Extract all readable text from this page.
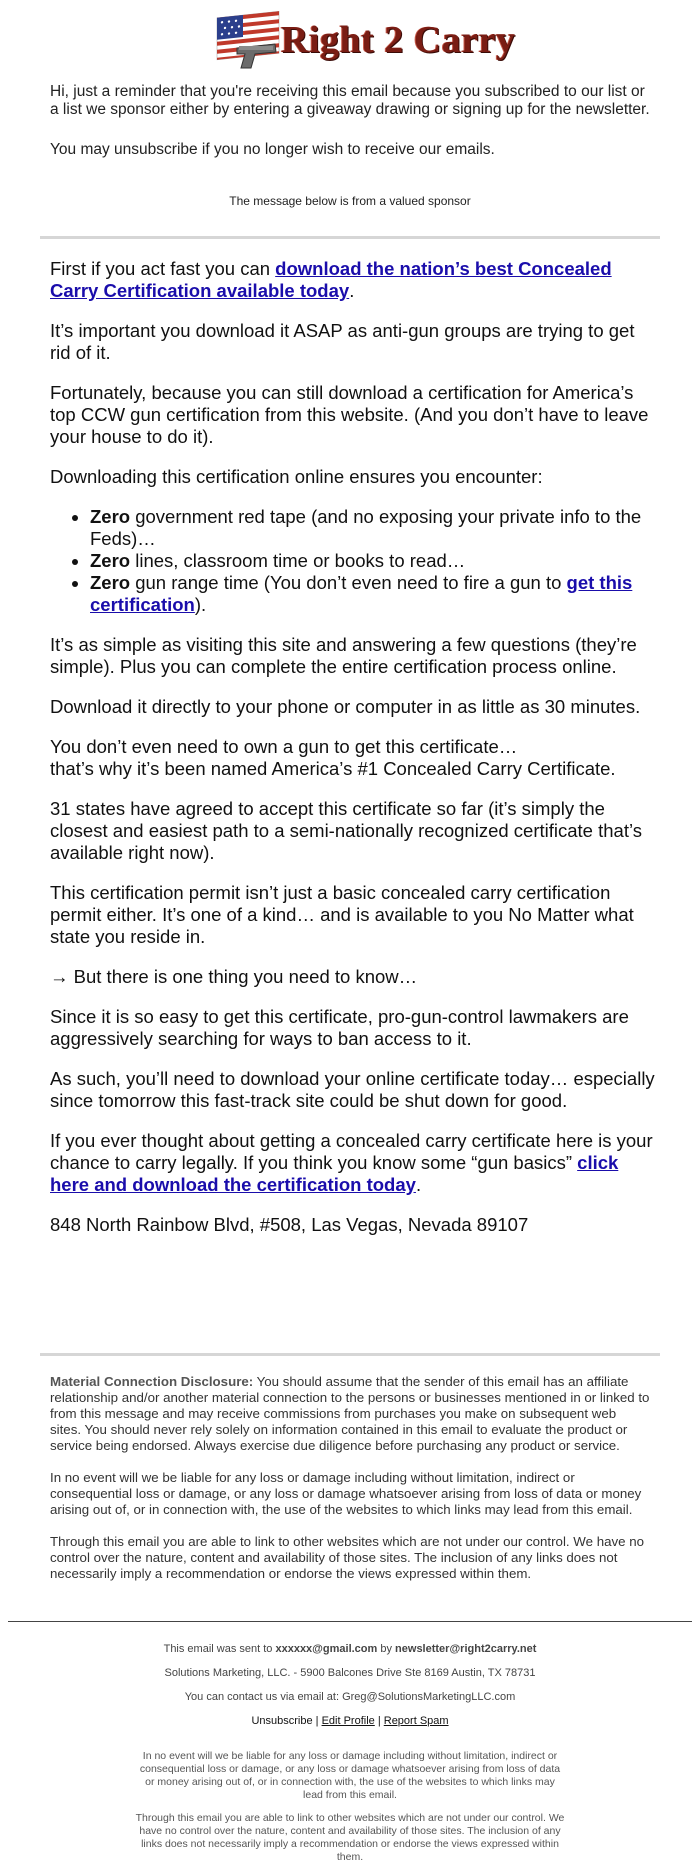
Right 2 Carry

Hi, just a reminder that you're receiving this email because you subscribed to our list or a list we sponsor either by entering a giveaway drawing or signing up for the newsletter.

You may unsubscribe if you no longer wish to receive our emails.

The message below is from a valued sponsor

First if you act fast you can download the nation’s best Concealed Carry Certification available today.

It’s important you download it ASAP as anti-gun groups are trying to get rid of it.

Fortunately, because you can still download a certification for America’s top CCW gun certification from this website. (And you don’t have to leave your house to do it).

Downloading this certification online ensures you encounter:

• Zero government red tape (and no exposing your private info to the Feds)…
• Zero lines, classroom time or books to read…
• Zero gun range time (You don’t even need to fire a gun to get this certification).

It’s as simple as visiting this site and answering a few questions (they’re simple). Plus you can complete the entire certification process online.

Download it directly to your phone or computer in as little as 30 minutes.

You don’t even need to own a gun to get this certificate…
that’s why it’s been named America’s #1 Concealed Carry Certificate.

31 states have agreed to accept this certificate so far (it’s simply the closest and easiest path to a semi-nationally recognized certificate that’s available right now).

This certification permit isn’t just a basic concealed carry certification permit either. It’s one of a kind… and is available to you No Matter what state you reside in.

→ But there is one thing you need to know…

Since it is so easy to get this certificate, pro-gun-control lawmakers are aggressively searching for ways to ban access to it.

As such, you’ll need to download your online certificate today… especially since tomorrow this fast-track site could be shut down for good.

If you ever thought about getting a concealed carry certificate here is your chance to carry legally. If you think you know some “gun basics” click here and download the certification today.

848 North Rainbow Blvd, #508, Las Vegas, Nevada 89107

Material Connection Disclosure: You should assume that the sender of this email has an affiliate relationship and/or another material connection to the persons or businesses mentioned in or linked to from this message and may receive commissions from purchases you make on subsequent web sites. You should never rely solely on information contained in this email to evaluate the product or service being endorsed. Always exercise due diligence before purchasing any product or service.

In no event will we be liable for any loss or damage including without limitation, indirect or consequential loss or damage, or any loss or damage whatsoever arising from loss of data or money arising out of, or in connection with, the use of the websites to which links may lead from this email.

Through this email you are able to link to other websites which are not under our control. We have no control over the nature, content and availability of those sites. The inclusion of any links does not necessarily imply a recommendation or endorse the views expressed within them.

This email was sent to xxxxxx@gmail.com by newsletter@right2carry.net
Solutions Marketing, LLC. - 5900 Balcones Drive Ste 8169 Austin, TX 78731
You can contact us via email at: Greg@SolutionsMarketingLLC.com
Unsubscribe | Edit Profile | Report Spam
In no event will we be liable for any loss or damage including without limitation, indirect or consequential loss or damage, or any loss or damage whatsoever arising from loss of data or money arising out of, or in connection with, the use of the websites to which links may lead from this email.
Through this email you are able to link to other websites which are not under our control. We have no control over the nature, content and availability of those sites. The inclusion of any links does not necessarily imply a recommendation or endorse the views expressed within them.
